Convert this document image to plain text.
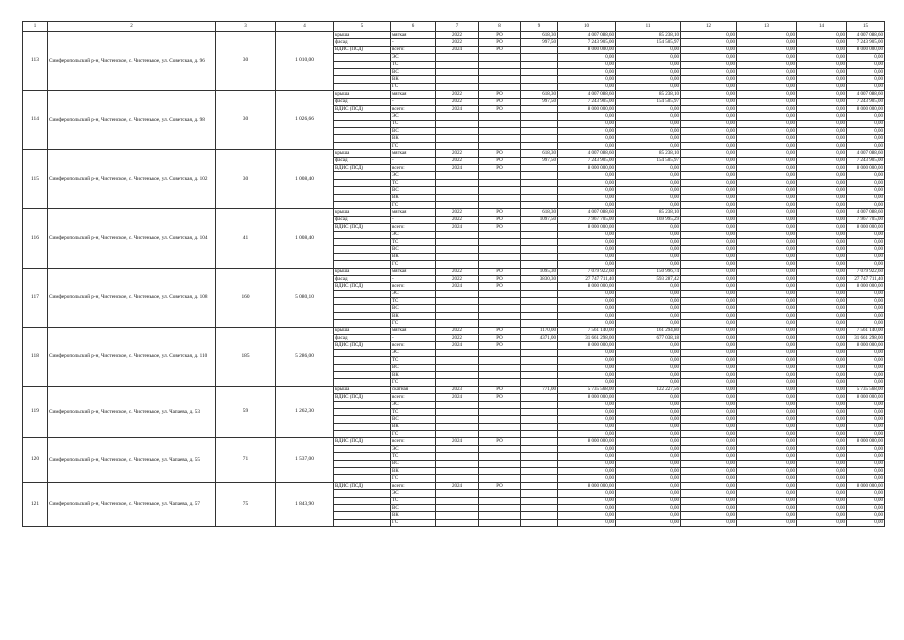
1	2	3	4	5	6	7	8	9	10	11	12	13	14	15
113	Симферопольский р-н, Чистенское, с. Чистенькое, ул. Советская, д. 96	30	1 010,00	крыша	мягкая	2022	РО	618,30	4 007 088,60	85 238,10	0,00	0,00	0,00	4 007 088,60
				фасад	-	2022	РО	997,50	7 243 905,00	154 505,97	0,00	0,00	0,00	7 243 905,00
				ВДИС (ПСД)	всего:	2024	РО		8 000 000,00	0,00	0,00	0,00	0,00	8 000 000,00
					ЭС				0,00	0,00	0,00	0,00	0,00	0,00
					ТС				0,00	0,00	0,00	0,00	0,00	0,00
					ВС				0,00	0,00	0,00	0,00	0,00	0,00
					ВК				0,00	0,00	0,00	0,00	0,00	0,00
					ГС				0,00	0,00	0,00	0,00	0,00	0,00
114	Симферопольский р-н, Чистенское, с. Чистенькое, ул. Советская, д. 98	30	1 026,66	крыша	мягкая	2022	РО	618,30	4 007 088,60	85 238,10	0,00	0,00	0,00	4 007 088,60
				фасад	-	2022	РО	997,50	7 243 905,00	154 505,97	0,00	0,00	0,00	7 243 905,00
				ВДИС (ПСД)	всего:	2024	РО		8 000 000,00	0,00	0,00	0,00	0,00	8 000 000,00
					ЭС				0,00	0,00	0,00	0,00	0,00	0,00
					ТС				0,00	0,00	0,00	0,00	0,00	0,00
					ВС				0,00	0,00	0,00	0,00	0,00	0,00
					ВК				0,00	0,00	0,00	0,00	0,00	0,00
					ГС				0,00	0,00	0,00	0,00	0,00	0,00
115	Симферопольский р-н, Чистенское, с. Чистенькое, ул. Советская, д. 102	30	1 008,40	крыша	мягкая	2022	РО	618,30	4 007 088,60	85 238,10	0,00	0,00	0,00	4 007 088,60
				фасад	-	2022	РО	997,50	7 243 905,00	154 505,97	0,00	0,00	0,00	7 243 905,00
				ВДИС (ПСД)	всего:	2024	РО		8 000 000,00	0,00	0,00	0,00	0,00	8 000 000,00
					ЭС				0,00	0,00	0,00	0,00	0,00	0,00
					ТС				0,00	0,00	0,00	0,00	0,00	0,00
					ВС				0,00	0,00	0,00	0,00	0,00	0,00
					ВК				0,00	0,00	0,00	0,00	0,00	0,00
					ГС				0,00	0,00	0,00	0,00	0,00	0,00
116	Симферопольский р-н, Чистенское, с. Чистенькое, ул. Советская, д. 104	41	1 008,40	крыша	мягкая	2022	РО	618,30	4 007 088,60	85 238,10	0,00	0,00	0,00	4 007 088,60
				фасад	-	2022	РО	1097,50	7 967 705,00	169 995,29	0,00	0,00	0,00	7 967 705,00
				ВДИС (ПСД)	всего:	2024	РО		8 000 000,00	0,00	0,00	0,00	0,00	8 000 000,00
					ЭС				0,00	0,00	0,00	0,00	0,00	0,00
					ТС				0,00	0,00	0,00	0,00	0,00	0,00
					ВС				0,00	0,00	0,00	0,00	0,00	0,00
					ВК				0,00	0,00	0,00	0,00	0,00	0,00
					ГС				0,00	0,00	0,00	0,00	0,00	0,00
117	Симферопольский р-н, Чистенское, с. Чистенькое, ул. Советская, д. 108	160	5 080,10	крыша	мягкая	2022	РО	1095,30	7 079 922,60	150 996,74	0,00	0,00	0,00	7 079 922,60
				фасад	-	2022	РО	3830,30	27 747 711,40	593 287,42	0,00	0,00	0,00	27 747 711,40
				ВДИС (ПСД)	всего:	2024	РО		8 000 000,00	0,00	0,00	0,00	0,00	8 000 000,00
					ЭС				0,00	0,00	0,00	0,00	0,00	0,00
					ТС				0,00	0,00	0,00	0,00	0,00	0,00
					ВС				0,00	0,00	0,00	0,00	0,00	0,00
					ВК				0,00	0,00	0,00	0,00	0,00	0,00
					ГС				0,00	0,00	0,00	0,00	0,00	0,00
118	Симферопольский р-н, Чистенское, с. Чистенькое, ул. Советская, д. 110	185	5 286,00	крыша	мягкая	2022	РО	1170,00	7 561 140,00	161 294,80	0,00	0,00	0,00	7 561 140,00
				фасад	-	2022	РО	4371,00	31 661 298,00	677 038,18	0,00	0,00	0,00	31 661 298,00
				ВДИС (ПСД)	всего:	2024	РО		8 000 000,00	0,00	0,00	0,00	0,00	8 000 000,00
					ЭС				0,00	0,00	0,00	0,00	0,00	0,00
					ТС				0,00	0,00	0,00	0,00	0,00	0,00
					ВС				0,00	0,00	0,00	0,00	0,00	0,00
					ВК				0,00	0,00	0,00	0,00	0,00	0,00
					ГС				0,00	0,00	0,00	0,00	0,00	0,00
119	Симферопольский р-н, Чистенское, с. Чистенькое, ул. Чапаева, д. 53	59	1 262,30	крыша	скатная	2023	РО	771,00	5 735 568,00	122 227,56	0,00	0,00	0,00	5 735 568,00
				ВДИС (ПСД)	всего:	2024	РО		8 000 000,00	0,00	0,00	0,00	0,00	8 000 000,00
					ЭС				0,00	0,00	0,00	0,00	0,00	0,00
					ТС				0,00	0,00	0,00	0,00	0,00	0,00
					ВС				0,00	0,00	0,00	0,00	0,00	0,00
					ВК				0,00	0,00	0,00	0,00	0,00	0,00
					ГС				0,00	0,00	0,00	0,00	0,00	0,00
120	Симферопольский р-н, Чистенское, с. Чистенькое, ул. Чапаева, д. 55	71	1 537,00	ВДИС (ПСД)	всего:	2024	РО		8 000 000,00	0,00	0,00	0,00	0,00	8 000 000,00
					ЭС				0,00	0,00	0,00	0,00	0,00	0,00
					ТС				0,00	0,00	0,00	0,00	0,00	0,00
					ВС				0,00	0,00	0,00	0,00	0,00	0,00
					ВК				0,00	0,00	0,00	0,00	0,00	0,00
					ГС				0,00	0,00	0,00	0,00	0,00	0,00
121	Симферопольский р-н, Чистенское, с. Чистенькое, ул. Чапаева, д. 57	75	1 843,90	ВДИС (ПСД)	всего:	2024	РО		8 000 000,00	0,00	0,00	0,00	0,00	8 000 000,00
					ЭС				0,00	0,00	0,00	0,00	0,00	0,00
					ТС				0,00	0,00	0,00	0,00	0,00	0,00
					ВС				0,00	0,00	0,00	0,00	0,00	0,00
					ВК				0,00	0,00	0,00	0,00	0,00	0,00
					ГС				0,00	0,00	0,00	0,00	0,00	0,00
